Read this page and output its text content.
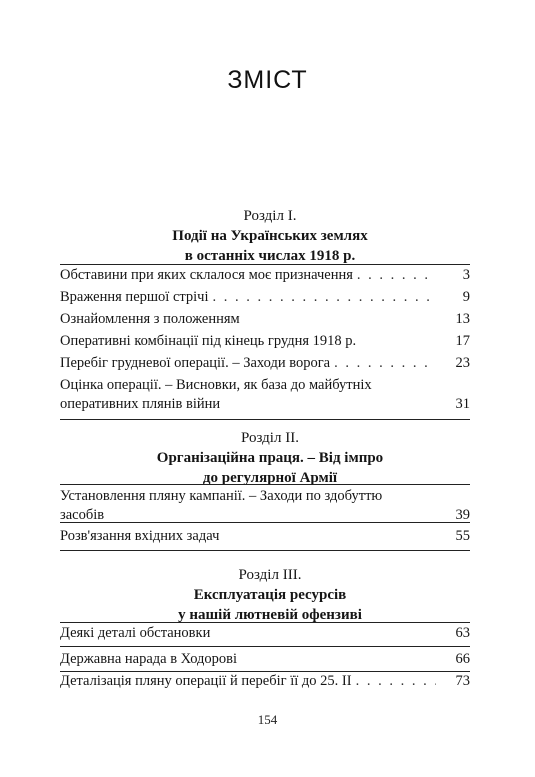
ЗМІСТ
Розділ I.
Події на Українських землях
в останніх числах 1918 р.
Обставини при яких склалося моє призначення . . .	3
Враження першої стрічі . . .	9
Ознайомлення з положенням	13
Оперативні комбінації під кінець грудня 1918 р.	17
Перебіг грудневої операції. – Заходи ворога . . .	23
Оцінка операції. – Висновки, як база до майбутніх
оперативних плянів війни	31
Розділ II.
Організаційна праця. – Від імпро
до регулярної Армії
Установлення пляну кампанії. – Заходи по здобуттю
засобів	39
Розв'язання вхідних задач	55
Розділ III.
Експлуатація ресурсів
у нашій лютневій офензиві
Деякі деталі обстановки	63
Державна нарада в Ходорові	66
Деталізація пляну операції й перебіг її до 25. II . . .	73
154
